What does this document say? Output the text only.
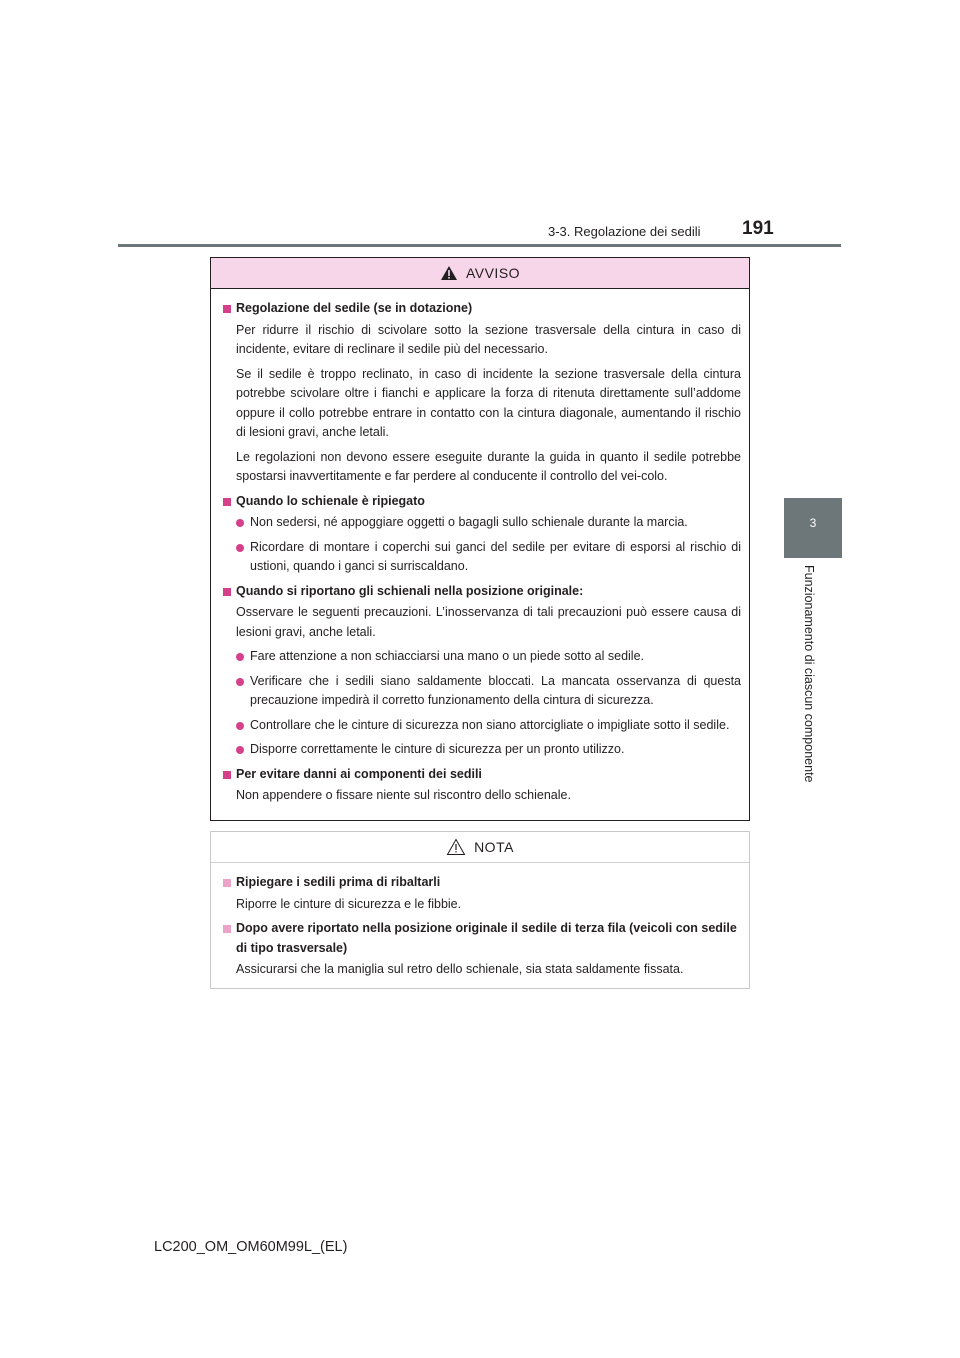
3-3. Regolazione dei sedili 191
3
Funzionamento di ciascun componente
AVVISO
Regolazione del sedile (se in dotazione)
Per ridurre il rischio di scivolare sotto la sezione trasversale della cintura in caso di incidente, evitare di reclinare il sedile più del necessario.
Se il sedile è troppo reclinato, in caso di incidente la sezione trasversale della cintura potrebbe scivolare oltre i fianchi e applicare la forza di ritenuta direttamente sull’addome oppure il collo potrebbe entrare in contatto con la cintura diagonale, aumentando il rischio di lesioni gravi, anche letali.
Le regolazioni non devono essere eseguite durante la guida in quanto il sedile potrebbe spostarsi inavvertitamente e far perdere al conducente il controllo del vei-colo.
Quando lo schienale è ripiegato
Non sedersi, né appoggiare oggetti o bagagli sullo schienale durante la marcia.
Ricordare di montare i coperchi sui ganci del sedile per evitare di esporsi al rischio di ustioni, quando i ganci si surriscaldano.
Quando si riportano gli schienali nella posizione originale:
Osservare le seguenti precauzioni. L’inosservanza di tali precauzioni può essere causa di lesioni gravi, anche letali.
Fare attenzione a non schiacciarsi una mano o un piede sotto al sedile.
Verificare che i sedili siano saldamente bloccati. La mancata osservanza di questa precauzione impedirà il corretto funzionamento della cintura di sicurezza.
Controllare che le cinture di sicurezza non siano attorcigliate o impigliate sotto il sedile.
Disporre correttamente le cinture di sicurezza per un pronto utilizzo.
Per evitare danni ai componenti dei sedili
Non appendere o fissare niente sul riscontro dello schienale.
NOTA
Ripiegare i sedili prima di ribaltarli
Riporre le cinture di sicurezza e le fibbie.
Dopo avere riportato nella posizione originale il sedile di terza fila (veicoli con sedile di tipo trasversale)
Assicurarsi che la maniglia sul retro dello schienale, sia stata saldamente fissata.
LC200_OM_OM60M99L_(EL)
